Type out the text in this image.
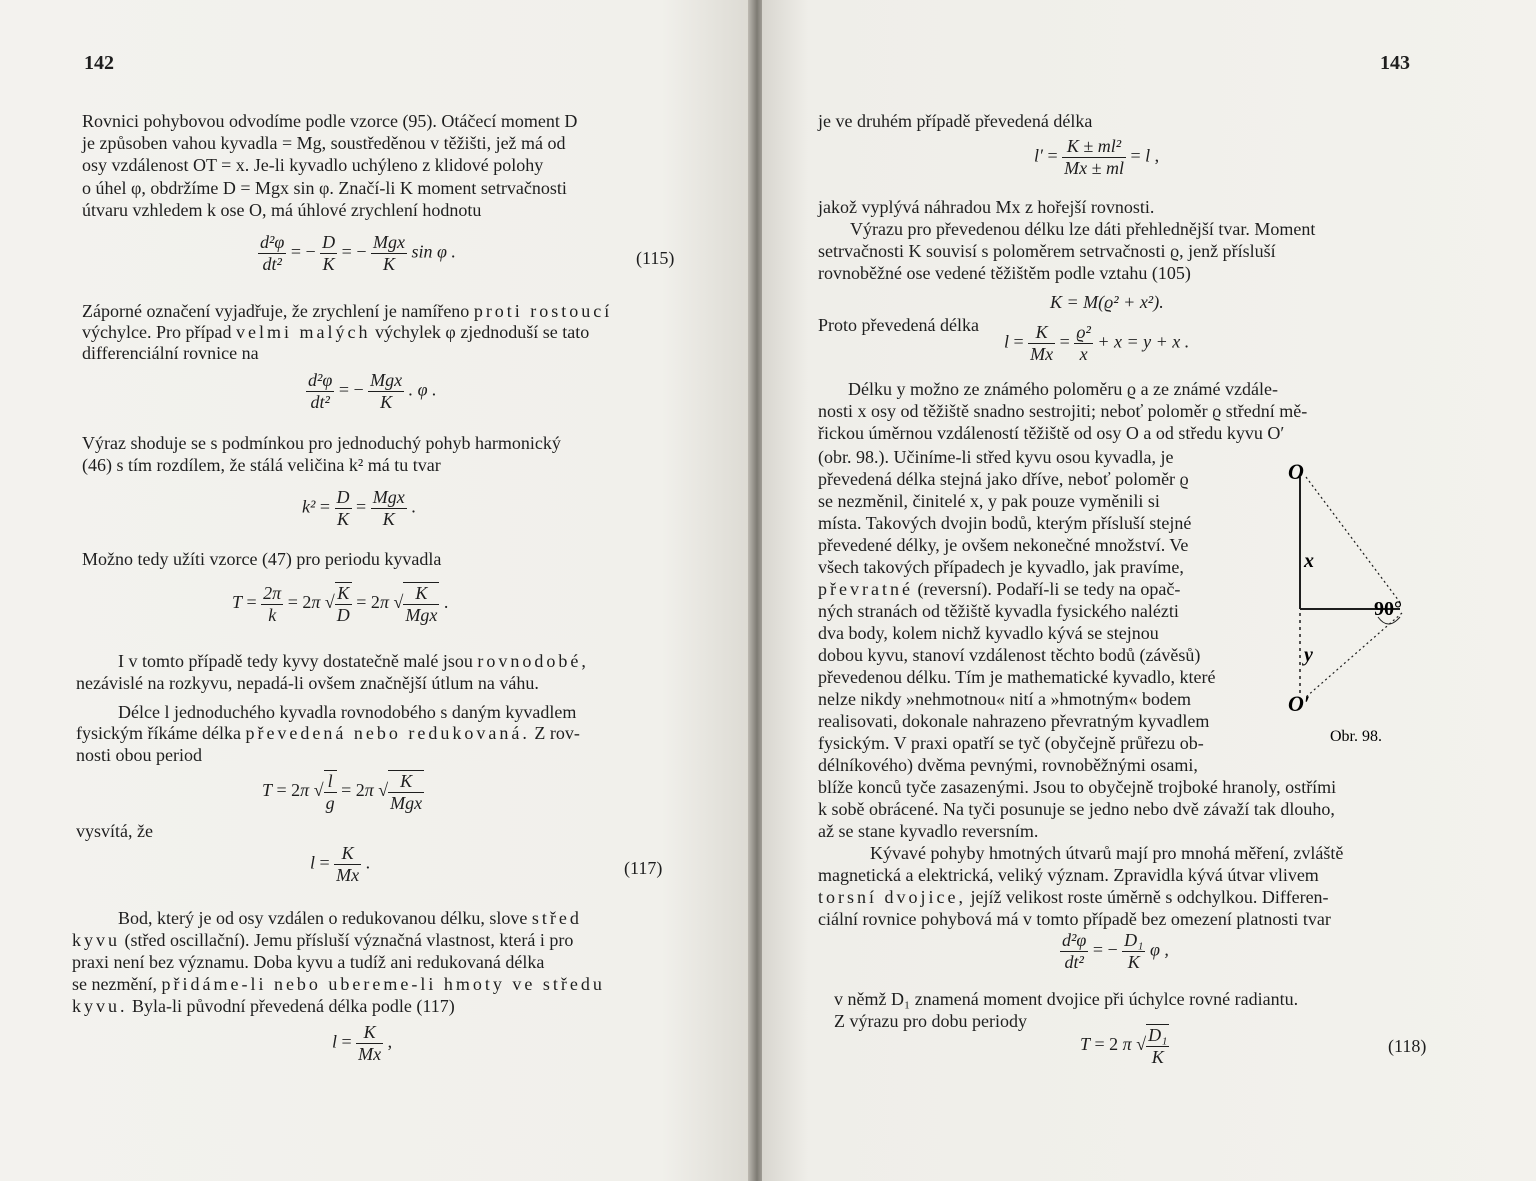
142
Rovnici pohybovou odvodíme podle vzorce (95). Otáčecí moment D
je způsoben vahou kyvadla = Mg, soustředěnou v těžišti, jež má od
osy vzdálenost OT = x. Je-li kyvadlo uchýleno z klidové polohy
o úhel φ, obdržíme D = Mgx sin φ. Značí-li K moment setrvačnosti
útvaru vzhledem k ose O, má úhlové zrychlení hodnotu
$\frac{\text{d²φ}}{\text{dt²}}$ = − $\frac{D}{K}$ = − $\frac{\text{Mgx}}{K}$ sin φ .	(115)
Záporné označení vyjadřuje, že zrychlení je namířeno proti rostoucí
výchylce. Pro případ velmi malých výchylek φ zjednoduší se tato
differenciální rovnice na
$\frac{\text{d²φ}}{\text{dt²}}$ = − $\frac{\text{Mgx}}{K}$ . φ .
Výraz shoduje se s podmínkou pro jednoduchý pohyb harmonický
(46) s tím rozdílem, že stálá veličina k² má tu tvar
$k^2 = \frac{D}{K} = \frac{\text{Mgx}}{K}$ .
Možno tedy užíti vzorce (47) pro periodu kyvadla
$T = \frac{2\pi}{k} = 2\pi$ √ $\frac{K}{D} = 2\pi$ √ $\frac{K}{\text{Mgx}}$ .
I v tomto případě tedy kyvy dostatečně malé jsou rovnodobé,
nezávislé na rozkyvu, nepadá-li ovšem značnější útlum na váhu.
Délce l jednoduchého kyvadla rovnodobého s daným kyvadlem
fysickým říkáme délka převedená nebo redukovaná. Z rov-
nosti obou period
T = 2π √ $\frac{l}{g} = 2\pi$ √ $\frac{K}{\text{Mgx}}$
vysvítá, že
$l = \frac{K}{Mx}$ .	(117)
Bod, který je od osy vzdálen o redukovanou délku, slove střed
kyvu (střed oscillační). Jemu přísluší význačná vlastnost, která i pro
praxi není bez významu. Doba kyvu a tudíž ani redukovaná délka
se nezmění, přidáme-li nebo ubereme-li hmoty ve středu
kyvu. Byla-li původní převedená délka podle (117)
$l = \frac{K}{Mx}$ ,
143
je ve druhém případě převedená délka
$l' = \frac{\text{K ± ml²}}{Mx \pm ml} = l$ ,
jakož vyplývá náhradou Mx z hořejší rovnosti.
Výrazu pro převedenou délku lze dáti přehlednější tvar. Moment
setrvačnosti K souvisí s poloměrem setrvačnosti ϱ, jenž přísluší
rovnoběžné ose vedené těžištěm podle vztahu (105)
K = M(ϱ² + x²).
Proto převedená délka
$l = \frac{K}{Mx} = \frac{\text{ϱ²}}{x} + x = y + x$ .
Délku y možno ze známého poloměru ϱ a ze známé vzdále-
nosti x osy od těžiště snadno sestrojiti; neboť poloměr ϱ střední mě-
řickou úměrnou vzdáleností těžiště od osy O a od středu kyvu O′
(obr. 98.). Učiníme-li střed kyvu osou kyvadla, je
převedená délka stejná jako dříve, neboť poloměr ϱ
se nezměnil, činitelé x, y pak pouze vyměnili si
místa. Takových dvojin bodů, kterým přísluší stejné
převedené délky, je ovšem nekonečné množství. Ve
všech takových případech je kyvadlo, jak pravíme,
převratné (reversní). Podaří-li se tedy na opač-
ných stranách od těžiště kyvadla fysického nalézti
dva body, kolem nichž kyvadlo kývá se stejnou
dobou kyvu, stanoví vzdálenost těchto bodů (závěsů)
převedenou délku. Tím je mathematické kyvadlo, které
nelze nikdy »nehmotnou« nití a »hmotným« bodem
realisovati, dokonale nahrazeno převratným kyvadlem
fysickým. V praxi opatří se tyč (obyčejně průřezu ob-
délníkového) dvěma pevnými, rovnoběžnými osami,
blíže konců tyče zasazenými. Jsou to obyčejně trojboké hranoly, ostřími
k sobě obrácené. Na tyči posunuje se jedno nebo dvě závaží tak dlouho,
až se stane kyvadlo reversním.
Kývavé pohyby hmotných útvarů mají pro mnohá měření, zvláště
magnetická a elektrická, veliký význam. Zpravidla kývá útvar vlivem
torsní dvojice, jejíž velikost roste úměrně s odchylkou. Differen-
ciální rovnice pohybová má v tomto případě bez omezení platnosti tvar
$\frac{\text{d²φ}}{\text{dt²}}$ = − $\frac{\text{D₁}}{K}$ φ ,
v němž D₁ znamená moment dvojice při úchylce rovné radiantu.
Z výrazu pro dobu periody
T = 2 π √ $\frac{\text{D₁}}{K}$	(118)
O
x
y
90°
O′
Obr. 98.
